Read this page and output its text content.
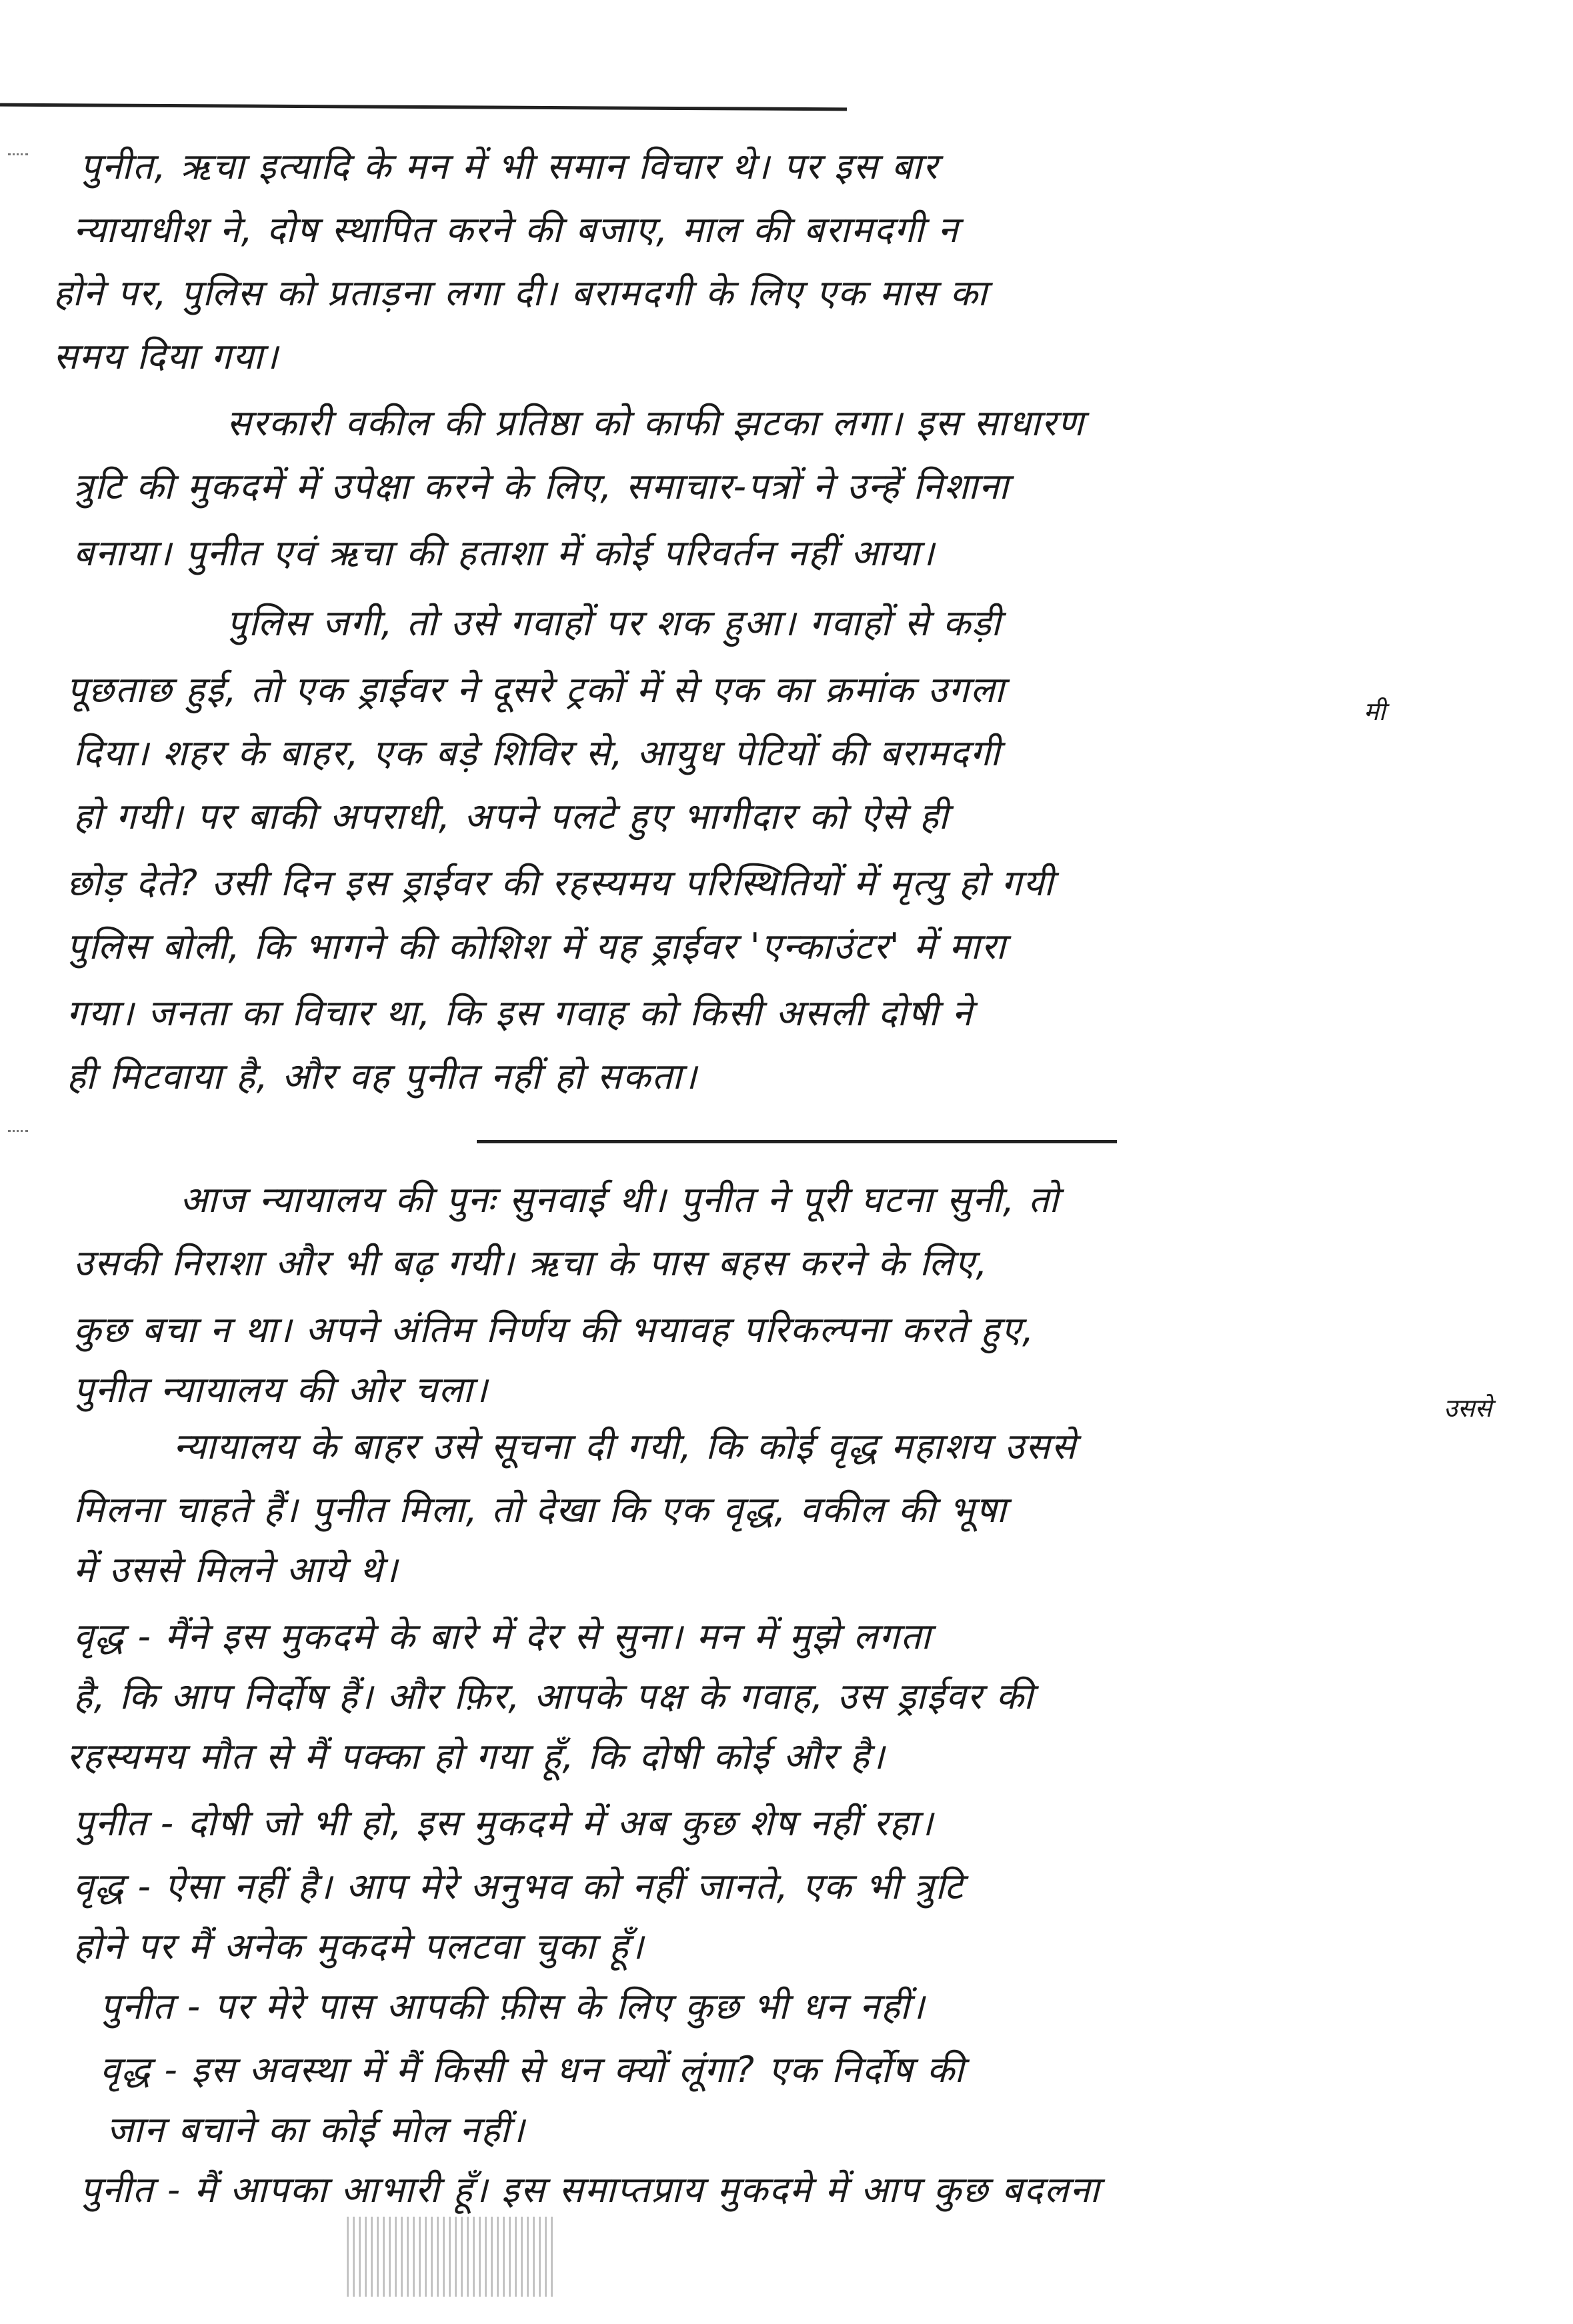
मी
उससे
पुनीत, ऋचा इत्यादि के मन में भी समान विचार थे। पर इस बार
न्यायाधीश ने, दोष स्थापित करने की बजाए, माल की बरामदगी न
होने पर, पुलिस को प्रताड़ना लगा दी। बरामदगी के लिए एक मास का
समय दिया गया।
सरकारी वकील की प्रतिष्ठा को काफी झटका लगा। इस साधारण
त्रुटि की मुकदमें में उपेक्षा करने के लिए, समाचार-पत्रों ने उन्हें निशाना
बनाया। पुनीत एवं ऋचा की हताशा में कोई परिवर्तन नहीं आया।
पुलिस जगी, तो उसे गवाहों पर शक हुआ। गवाहों से कड़ी
पूछताछ हुई, तो एक ड्राईवर ने दूसरे ट्रकों में से एक का क्रमांक उगला
दिया। शहर के बाहर, एक बड़े शिविर से, आयुध पेटियों की बरामदगी
हो गयी। पर बाकी अपराधी, अपने पलटे हुए भागीदार को ऐसे ही
छोड़ देते? उसी दिन इस ड्राईवर की रहस्यमय परिस्थितियों में मृत्यु हो गयी
पुलिस बोली, कि भागने की कोशिश में यह ड्राईवर 'एन्काउंटर' में मारा
गया। जनता का विचार था, कि इस गवाह को किसी असली दोषी ने
ही मिटवाया है, और वह पुनीत नहीं हो सकता।
आज न्यायालय की पुनः सुनवाई थी। पुनीत ने पूरी घटना सुनी, तो
उसकी निराशा और भी बढ़ गयी। ऋचा के पास बहस करने के लिए,
कुछ बचा न था। अपने अंतिम निर्णय की भयावह परिकल्पना करते हुए,
पुनीत न्यायालय की ओर चला।
न्यायालय के बाहर उसे सूचना दी गयी, कि कोई वृद्ध महाशय उससे
मिलना चाहते हैं। पुनीत मिला, तो देखा कि एक वृद्ध, वकील की भूषा
में उससे मिलने आये थे।
वृद्ध - मैंने इस मुकदमे के बारे में देर से सुना। मन में मुझे लगता
है, कि आप निर्दोष हैं। और फ़िर, आपके पक्ष के गवाह, उस ड्राईवर की
रहस्यमय मौत से मैं पक्का हो गया हूँ, कि दोषी कोई और है।
पुनीत - दोषी जो भी हो, इस मुकदमे में अब कुछ शेष नहीं रहा।
वृद्ध - ऐसा नहीं है। आप मेरे अनुभव को नहीं जानते, एक भी त्रुटि
होने पर मैं अनेक मुकदमे पलटवा चुका हूँ।
पुनीत - पर मेरे पास आपकी फ़ीस के लिए कुछ भी धन नहीं।
वृद्ध - इस अवस्था में मैं किसी से धन क्यों लूंगा? एक निर्दोष की
जान बचाने का कोई मोल नहीं।
पुनीत - मैं आपका आभारी हूँ। इस समाप्तप्राय मुकदमे में आप कुछ बदलना
